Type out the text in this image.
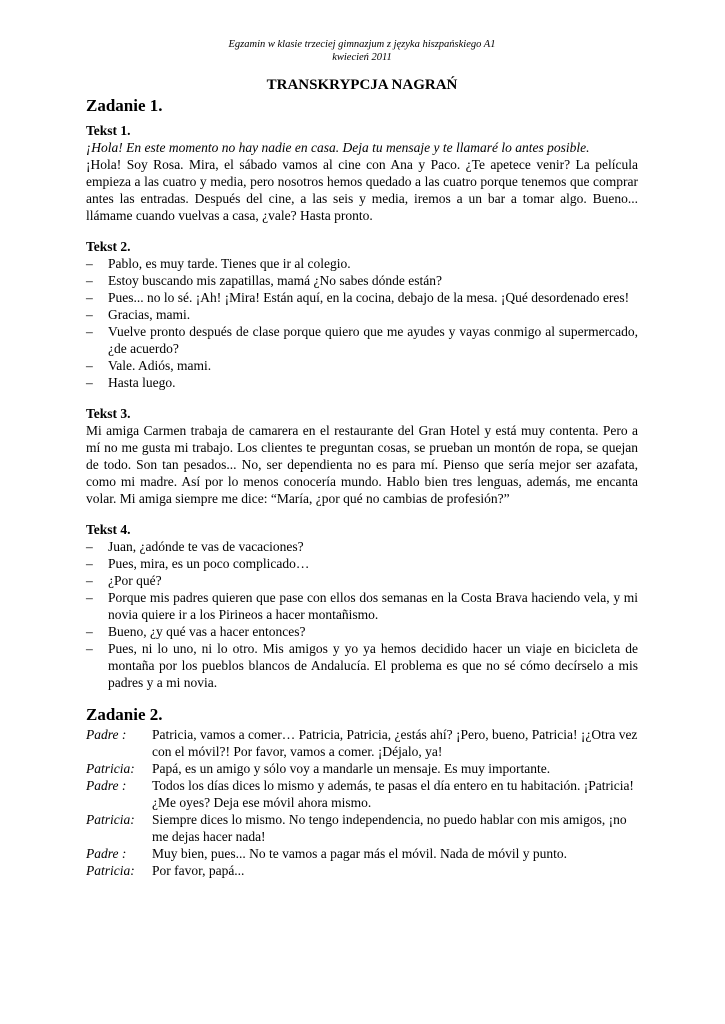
Egzamin w klasie trzeciej gimnazjum z języka hiszpańskiego A1
kwiecień 2011
TRANSKRYPCJA NAGRAŃ
Zadanie 1.
Tekst 1.
¡Hola! En este momento no hay nadie en casa. Deja tu mensaje y te llamaré lo antes posible.
¡Hola! Soy Rosa. Mira, el sábado vamos al cine con Ana y Paco. ¿Te apetece venir? La película empieza a las cuatro y media, pero nosotros hemos quedado a las cuatro porque tenemos que comprar antes las entradas. Después del cine, a las seis y media, iremos a un bar a tomar algo. Bueno... llámame cuando vuelvas a casa, ¿vale? Hasta pronto.
Tekst 2.
– Pablo, es muy tarde. Tienes que ir al colegio.
– Estoy buscando mis zapatillas, mamá ¿No sabes dónde están?
– Pues... no lo sé. ¡Ah! ¡Mira! Están aquí, en la cocina, debajo de la mesa. ¡Qué desordenado eres!
– Gracias, mami.
– Vuelve pronto después de clase porque quiero que me ayudes y vayas conmigo al supermercado, ¿de acuerdo?
– Vale. Adiós, mami.
– Hasta luego.
Tekst 3.
Mi amiga Carmen trabaja de camarera en el restaurante del Gran Hotel y está muy contenta. Pero a mí no me gusta mi trabajo. Los clientes te preguntan cosas, se prueban un montón de ropa, se quejan de todo. Son tan pesados... No, ser dependienta no es para mí. Pienso que sería mejor ser azafata, como mi madre. Así por lo menos conocería mundo. Hablo bien tres lenguas, además, me encanta volar. Mi amiga siempre me dice: “María, ¿por qué no cambias de profesión?”
Tekst 4.
– Juan, ¿adónde te vas de vacaciones?
– Pues, mira, es un poco complicado…
– ¿Por qué?
– Porque mis padres quieren que pase con ellos dos semanas en la Costa Brava haciendo vela, y mi novia quiere ir a los Pirineos a hacer montañismo.
– Bueno, ¿y qué vas a hacer entonces?
– Pues, ni lo uno, ni lo otro. Mis amigos y yo ya hemos decidido hacer un viaje en bicicleta de montaña por los pueblos blancos de Andalucía. El problema es que no sé cómo decírselo a mis padres y a mi novia.
Zadanie 2.
Padre :	Patricia, vamos a comer… Patricia, Patricia, ¿estás ahí? ¡Pero, bueno, Patricia! ¡¿Otra vez con el móvil?! Por favor, vamos a comer. ¡Déjalo, ya!
Patricia:	Papá, es un amigo y sólo voy a mandarle un mensaje. Es muy importante.
Padre :	Todos los días dices lo mismo y además, te pasas el día entero en tu habitación. ¡Patricia! ¿Me oyes? Deja ese móvil ahora mismo.
Patricia:	Siempre dices lo mismo. No tengo independencia, no puedo hablar con mis amigos, ¡no me dejas hacer nada!
Padre :	Muy bien, pues... No te vamos a pagar más el móvil. Nada de móvil y punto.
Patricia:	Por favor, papá...
